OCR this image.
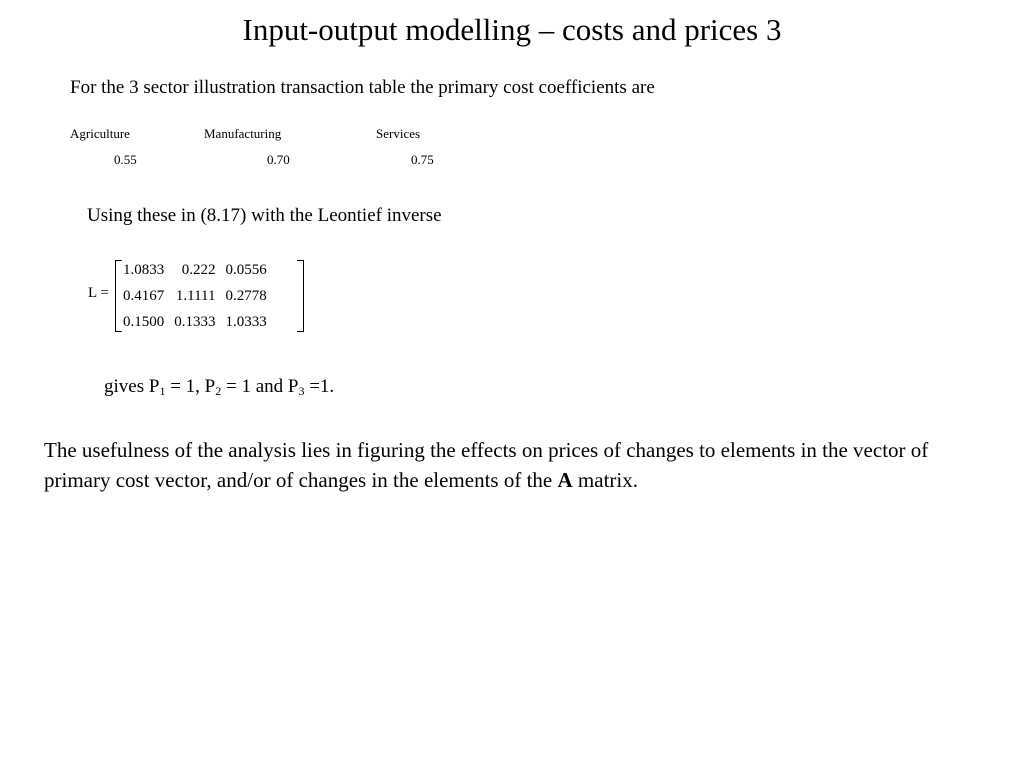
Input-output modelling – costs and prices 3
For the 3 sector illustration transaction table the primary cost coefficients are
Agriculture	Manufacturing	Services
0.55	0.70	0.75
Using these in (8.17) with the Leontief inverse
L =
1.0833	0.222	0.0556
0.4167	1.1111	0.2778
0.1500	0.1333	1.0333
gives $P_1 = 1$, $P_2 = 1$ and $P_3 =1$.
The usefulness of the analysis lies in figuring the effects on prices of changes to elements in the vector of primary cost vector, and/or of changes in the elements of the A matrix.
